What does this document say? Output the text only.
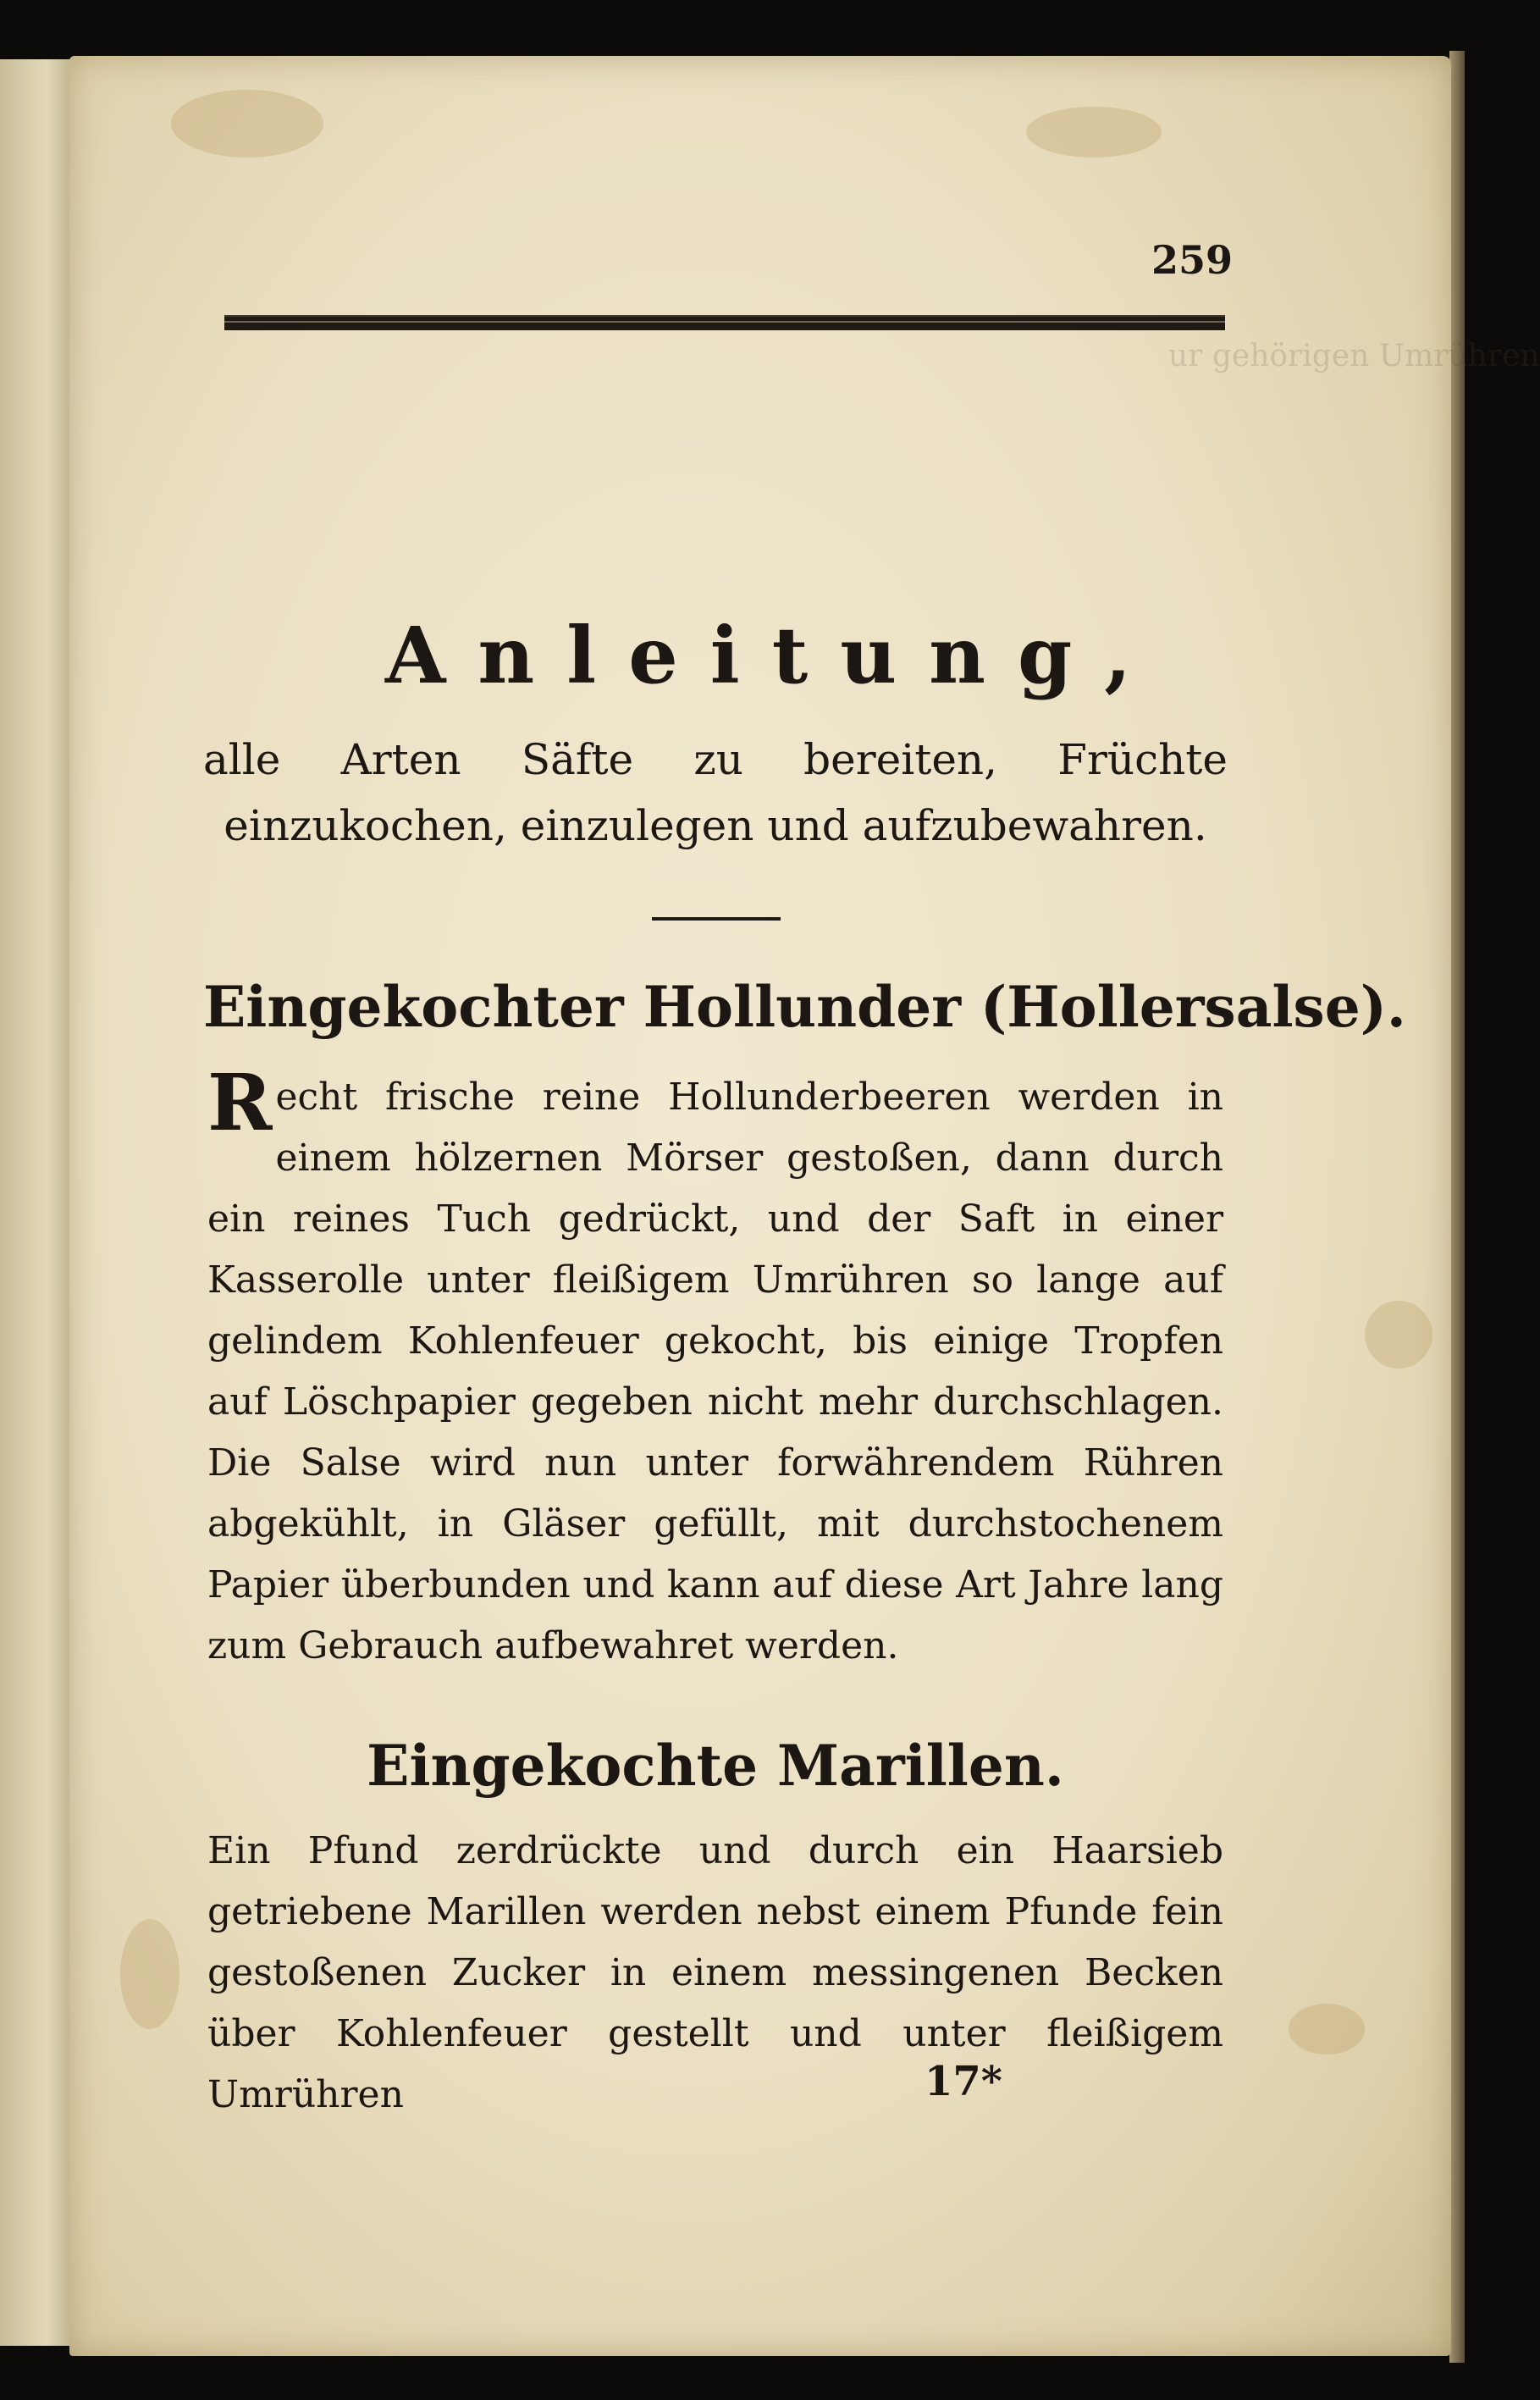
ur gehörigen Umrühren
259
Anleitung,
alle Arten Säfte zu bereiten, Früchte einzukochen, einzulegen und aufzubewahren.
Eingekochter Hollunder (Hollersalse).
Recht frische reine Hollunderbeeren werden in einem hölzernen Mörser gestoßen, dann durch ein reines Tuch gedrückt, und der Saft in einer Kasserolle unter fleißigem Umrühren so lange auf gelindem Kohlenfeuer gekocht, bis einige Tropfen auf Löschpapier gegeben nicht mehr durchschlagen. Die Salse wird nun unter forwährendem Rühren abgekühlt, in Gläser gefüllt, mit durchstochenem Papier überbunden und kann auf diese Art Jahre lang zum Gebrauch aufbewahret werden.
Eingekochte Marillen.
Ein Pfund zerdrückte und durch ein Haarsieb getriebene Marillen werden nebst einem Pfunde fein gestoßenen Zucker in einem messingenen Becken über Kohlenfeuer gestellt und unter fleißigem Umrühren	17*
